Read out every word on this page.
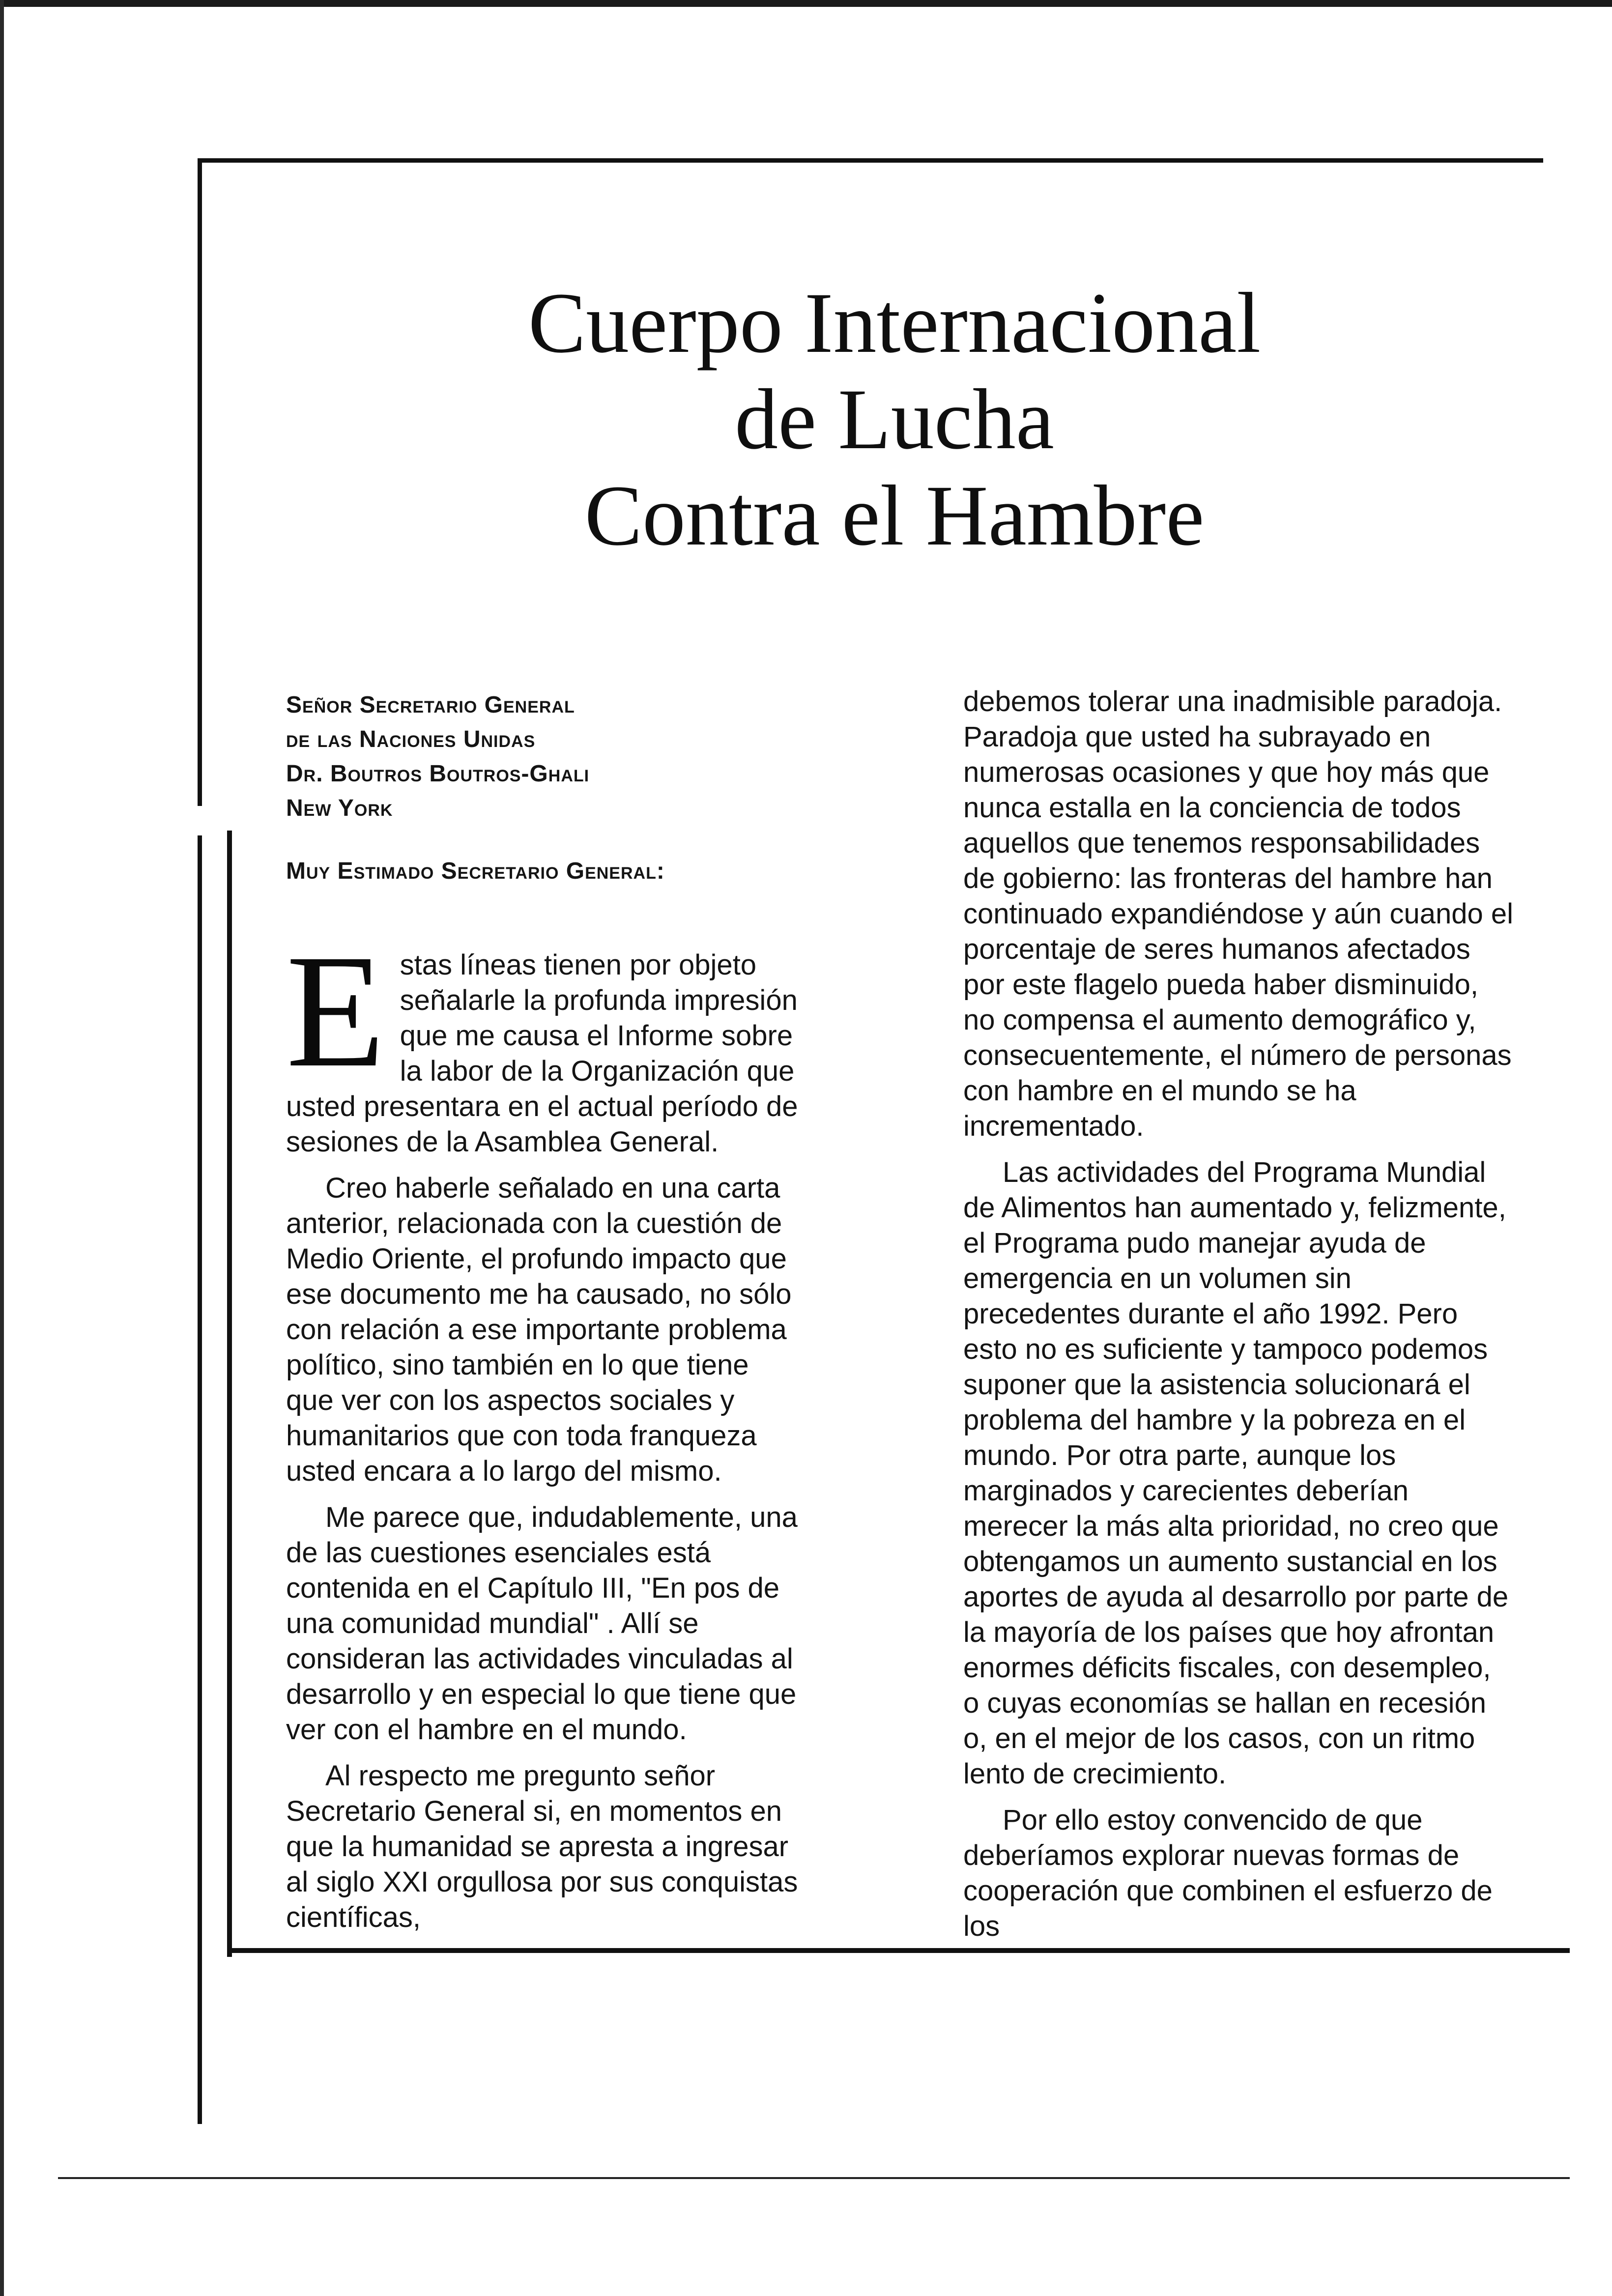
Cuerpo Internacional
de Lucha
Contra el Hambre
Señor Secretario General
de las Naciones Unidas
Dr. Boutros Boutros-Ghali
New York
Muy Estimado Secretario General:

Estas líneas tienen por objeto señalarle la profunda impresión que me causa el Informe sobre la labor de la Organización que usted presentara en el actual período de sesiones de la Asamblea General.

Creo haberle señalado en una carta anterior, relacionada con la cuestión de Medio Oriente, el profundo impacto que ese documento me ha causado, no sólo con relación a ese importante problema político, sino también en lo que tiene que ver con los aspectos sociales y humanitarios que con toda franqueza usted encara a lo largo del mismo.

Me parece que, indudablemente, una de las cuestiones esenciales está contenida en el Capítulo III, "En pos de una comunidad mundial" . Allí se consideran las actividades vinculadas al desarrollo y en especial lo que tiene que ver con el hambre en el mundo.

Al respecto me pregunto señor Secretario General si, en momentos en que la humanidad se apresta a ingresar al siglo XXI orgullosa por sus conquistas científicas,

debemos tolerar una inadmisible paradoja. Paradoja que usted ha subrayado en numerosas ocasiones y que hoy más que nunca estalla en la conciencia de todos aquellos que tenemos responsabilidades de gobierno: las fronteras del hambre han continuado expandiéndose y aún cuando el porcentaje de seres humanos afectados por este flagelo pueda haber disminuido, no compensa el aumento demográfico y, consecuentemente, el número de personas con hambre en el mundo se ha incrementado.

Las actividades del Programa Mundial de Alimentos han aumentado y, felizmente, el Programa pudo manejar ayuda de emergencia en un volumen sin precedentes durante el año 1992. Pero esto no es suficiente y tampoco podemos suponer que la asistencia solucionará el problema del hambre y la pobreza en el mundo. Por otra parte, aunque los marginados y carecientes deberían merecer la más alta prioridad, no creo que obtengamos un aumento sustancial en los aportes de ayuda al desarrollo por parte de la mayoría de los países que hoy afrontan enormes déficits fiscales, con desempleo, o cuyas economías se hallan en recesión o, en el mejor de los casos, con un ritmo lento de crecimiento.

Por ello estoy convencido de que deberíamos explorar nuevas formas de cooperación que combinen el esfuerzo de los
